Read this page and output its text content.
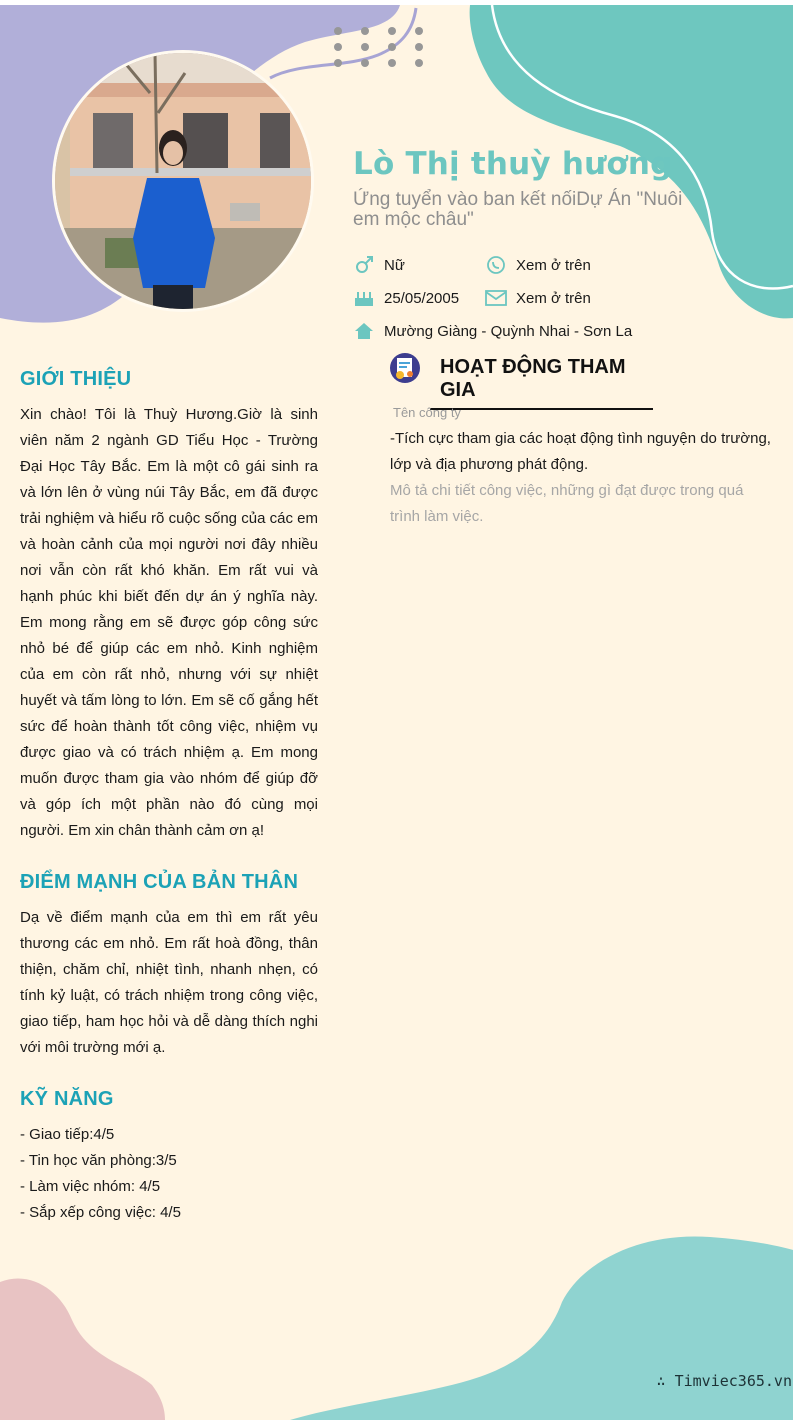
Lò Thị thuỳ hương
Ứng tuyển vào ban kết nốiDự Án "Nuôi em mộc châu"
Nữ	Xem ở trên
25/05/2005	Xem ở trên
Mường Giàng - Quỳnh Nhai - Sơn La
GIỚI THIỆU
Xin chào! Tôi là Thuỳ Hương.Giờ là sinh viên năm 2 ngành GD Tiểu Học - Trường Đại Học Tây Bắc. Em là một cô gái sinh ra và lớn lên ở vùng núi Tây Bắc, em đã được trải nghiệm và hiểu rõ cuộc sống của các em và hoàn cảnh của mọi người nơi đây nhiều nơi vẫn còn rất khó khăn. Em rất vui và hạnh phúc khi biết đến dự án ý nghĩa này. Em mong rằng em sẽ được góp công sức nhỏ bé để giúp các em nhỏ. Kinh nghiệm của em còn rất nhỏ, nhưng với sự nhiệt huyết và tấm lòng to lớn. Em sẽ cố gắng hết sức để hoàn thành tốt công việc, nhiệm vụ được giao và có trách nhiệm ạ. Em mong muốn được tham gia vào nhóm để giúp đỡ và góp ích một phần nào đó cùng mọi người. Em xin chân thành cảm ơn ạ!
ĐIỂM MẠNH CỦA BẢN THÂN
Dạ về điểm mạnh của em thì em rất yêu thương các em nhỏ. Em rất hoà đồng, thân thiện, chăm chỉ, nhiệt tình, nhanh nhẹn, có tính kỷ luật, có trách nhiệm trong công việc, giao tiếp, ham học hỏi và dễ dàng thích nghi với môi trường mới ạ.
KỸ NĂNG
- Giao tiếp:4/5
- Tin học văn phòng:3/5
- Làm việc nhóm: 4/5
- Sắp xếp công việc: 4/5
HOẠT ĐỘNG THAM GIA
Tên công ty
-Tích cực tham gia các hoạt động tình nguyện do trường, lớp và địa phương phát động.
Mô tả chi tiết công việc, những gì đạt được trong quá trình làm việc.
∴ Timviec365.vn
